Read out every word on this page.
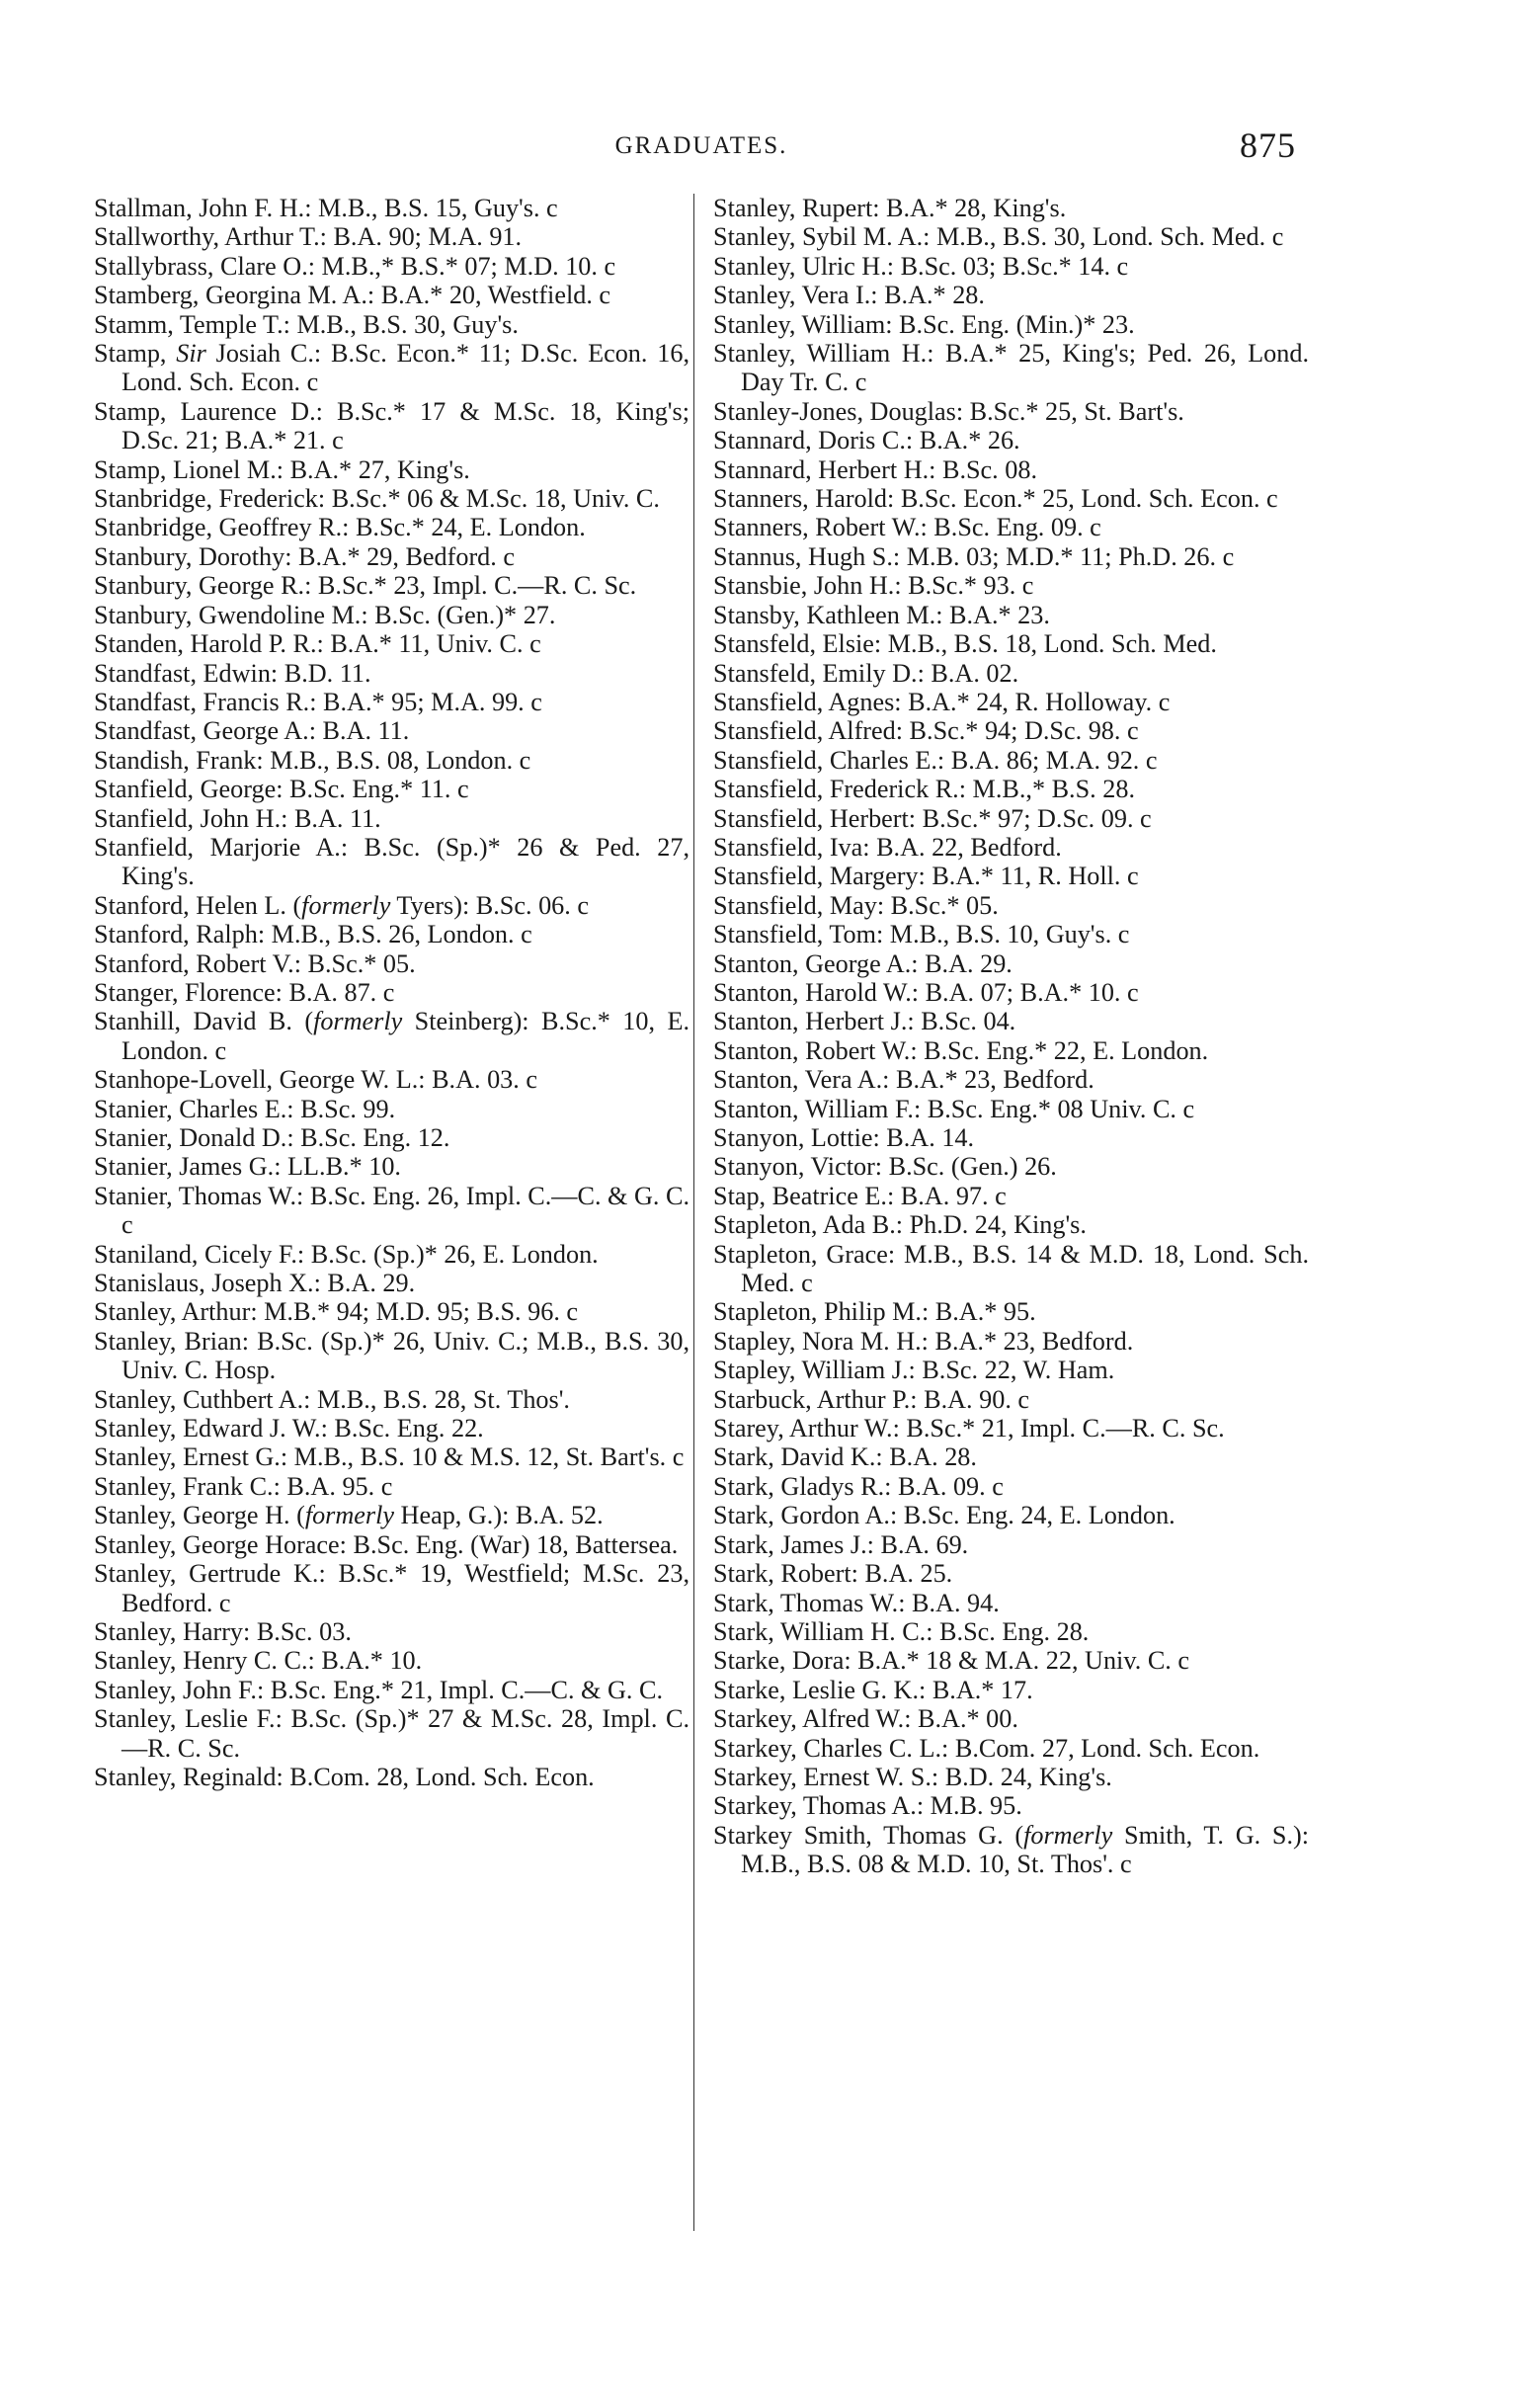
GRADUATES.	875

Stallman, John F. H.: M.B., B.S. 15, Guy's. c

Stallworthy, Arthur T.: B.A. 90; M.A. 91.

Stallybrass, Clare O.: M.B.,* B.S.* 07; M.D. 10. c

Stamberg, Georgina M. A.: B.A.* 20, Westfield. c

Stamm, Temple T.: M.B., B.S. 30, Guy's.

Stamp, Sir Josiah C.: B.Sc. Econ.* 11; D.Sc. Econ. 16, Lond. Sch. Econ. c

Stamp, Laurence D.: B.Sc.* 17 & M.Sc. 18, King's; D.Sc. 21; B.A.* 21. c

Stamp, Lionel M.: B.A.* 27, King's.

Stanbridge, Frederick: B.Sc.* 06 & M.Sc. 18, Univ. C.

Stanbridge, Geoffrey R.: B.Sc.* 24, E. London.

Stanbury, Dorothy: B.A.* 29, Bedford. c

Stanbury, George R.: B.Sc.* 23, Impl. C.—R. C. Sc.

Stanbury, Gwendoline M.: B.Sc. (Gen.)* 27.

Standen, Harold P. R.: B.A.* 11, Univ. C. c

Standfast, Edwin: B.D. 11.

Standfast, Francis R.: B.A.* 95; M.A. 99. c

Standfast, George A.: B.A. 11.

Standish, Frank: M.B., B.S. 08, London. c

Stanfield, George: B.Sc. Eng.* 11. c

Stanfield, John H.: B.A. 11.

Stanfield, Marjorie A.: B.Sc. (Sp.)* 26 & Ped. 27, King's.

Stanford, Helen L. (formerly Tyers): B.Sc. 06. c

Stanford, Ralph: M.B., B.S. 26, London. c

Stanford, Robert V.: B.Sc.* 05.

Stanger, Florence: B.A. 87. c

Stanhill, David B. (formerly Steinberg): B.Sc.* 10, E. London. c

Stanhope-Lovell, George W. L.: B.A. 03. c

Stanier, Charles E.: B.Sc. 99.

Stanier, Donald D.: B.Sc. Eng. 12.

Stanier, James G.: LL.B.* 10.

Stanier, Thomas W.: B.Sc. Eng. 26, Impl. C.—C. & G. C. c

Staniland, Cicely F.: B.Sc. (Sp.)* 26, E. London.

Stanislaus, Joseph X.: B.A. 29.

Stanley, Arthur: M.B.* 94; M.D. 95; B.S. 96. c

Stanley, Brian: B.Sc. (Sp.)* 26, Univ. C.; M.B., B.S. 30, Univ. C. Hosp.

Stanley, Cuthbert A.: M.B., B.S. 28, St. Thos'.

Stanley, Edward J. W.: B.Sc. Eng. 22.

Stanley, Ernest G.: M.B., B.S. 10 & M.S. 12, St. Bart's. c

Stanley, Frank C.: B.A. 95. c

Stanley, George H. (formerly Heap, G.): B.A. 52.

Stanley, George Horace: B.Sc. Eng. (War) 18, Battersea.

Stanley, Gertrude K.: B.Sc.* 19, Westfield; M.Sc. 23, Bedford. c

Stanley, Harry: B.Sc. 03.

Stanley, Henry C. C.: B.A.* 10.

Stanley, John F.: B.Sc. Eng.* 21, Impl. C.—C. & G. C.

Stanley, Leslie F.: B.Sc. (Sp.)* 27 & M.Sc. 28, Impl. C.—R. C. Sc.

Stanley, Reginald: B.Com. 28, Lond. Sch. Econ.

Stanley, Rupert: B.A.* 28, King's.

Stanley, Sybil M. A.: M.B., B.S. 30, Lond. Sch. Med. c

Stanley, Ulric H.: B.Sc. 03; B.Sc.* 14. c

Stanley, Vera I.: B.A.* 28.

Stanley, William: B.Sc. Eng. (Min.)* 23.

Stanley, William H.: B.A.* 25, King's; Ped. 26, Lond. Day Tr. C. c

Stanley-Jones, Douglas: B.Sc.* 25, St. Bart's.

Stannard, Doris C.: B.A.* 26.

Stannard, Herbert H.: B.Sc. 08.

Stanners, Harold: B.Sc. Econ.* 25, Lond. Sch. Econ. c

Stanners, Robert W.: B.Sc. Eng. 09. c

Stannus, Hugh S.: M.B. 03; M.D.* 11; Ph.D. 26. c

Stansbie, John H.: B.Sc.* 93. c

Stansby, Kathleen M.: B.A.* 23.

Stansfeld, Elsie: M.B., B.S. 18, Lond. Sch. Med.

Stansfeld, Emily D.: B.A. 02.

Stansfield, Agnes: B.A.* 24, R. Holloway. c

Stansfield, Alfred: B.Sc.* 94; D.Sc. 98. c

Stansfield, Charles E.: B.A. 86; M.A. 92. c

Stansfield, Frederick R.: M.B.,* B.S. 28.

Stansfield, Herbert: B.Sc.* 97; D.Sc. 09. c

Stansfield, Iva: B.A. 22, Bedford.

Stansfield, Margery: B.A.* 11, R. Holl. c

Stansfield, May: B.Sc.* 05.

Stansfield, Tom: M.B., B.S. 10, Guy's. c

Stanton, George A.: B.A. 29.

Stanton, Harold W.: B.A. 07; B.A.* 10. c

Stanton, Herbert J.: B.Sc. 04.

Stanton, Robert W.: B.Sc. Eng.* 22, E. London.

Stanton, Vera A.: B.A.* 23, Bedford.

Stanton, William F.: B.Sc. Eng.* 08 Univ. C. c

Stanyon, Lottie: B.A. 14.

Stanyon, Victor: B.Sc. (Gen.) 26.

Stap, Beatrice E.: B.A. 97. c

Stapleton, Ada B.: Ph.D. 24, King's.

Stapleton, Grace: M.B., B.S. 14 & M.D. 18, Lond. Sch. Med. c

Stapleton, Philip M.: B.A.* 95.

Stapley, Nora M. H.: B.A.* 23, Bedford.

Stapley, William J.: B.Sc. 22, W. Ham.

Starbuck, Arthur P.: B.A. 90. c

Starey, Arthur W.: B.Sc.* 21, Impl. C.—R. C. Sc.

Stark, David K.: B.A. 28.

Stark, Gladys R.: B.A. 09. c

Stark, Gordon A.: B.Sc. Eng. 24, E. London.

Stark, James J.: B.A. 69.

Stark, Robert: B.A. 25.

Stark, Thomas W.: B.A. 94.

Stark, William H. C.: B.Sc. Eng. 28.

Starke, Dora: B.A.* 18 & M.A. 22, Univ. C. c

Starke, Leslie G. K.: B.A.* 17.

Starkey, Alfred W.: B.A.* 00.

Starkey, Charles C. L.: B.Com. 27, Lond. Sch. Econ.

Starkey, Ernest W. S.: B.D. 24, King's.

Starkey, Thomas A.: M.B. 95.

Starkey Smith, Thomas G. (formerly Smith, T. G. S.): M.B., B.S. 08 & M.D. 10, St. Thos'. c
